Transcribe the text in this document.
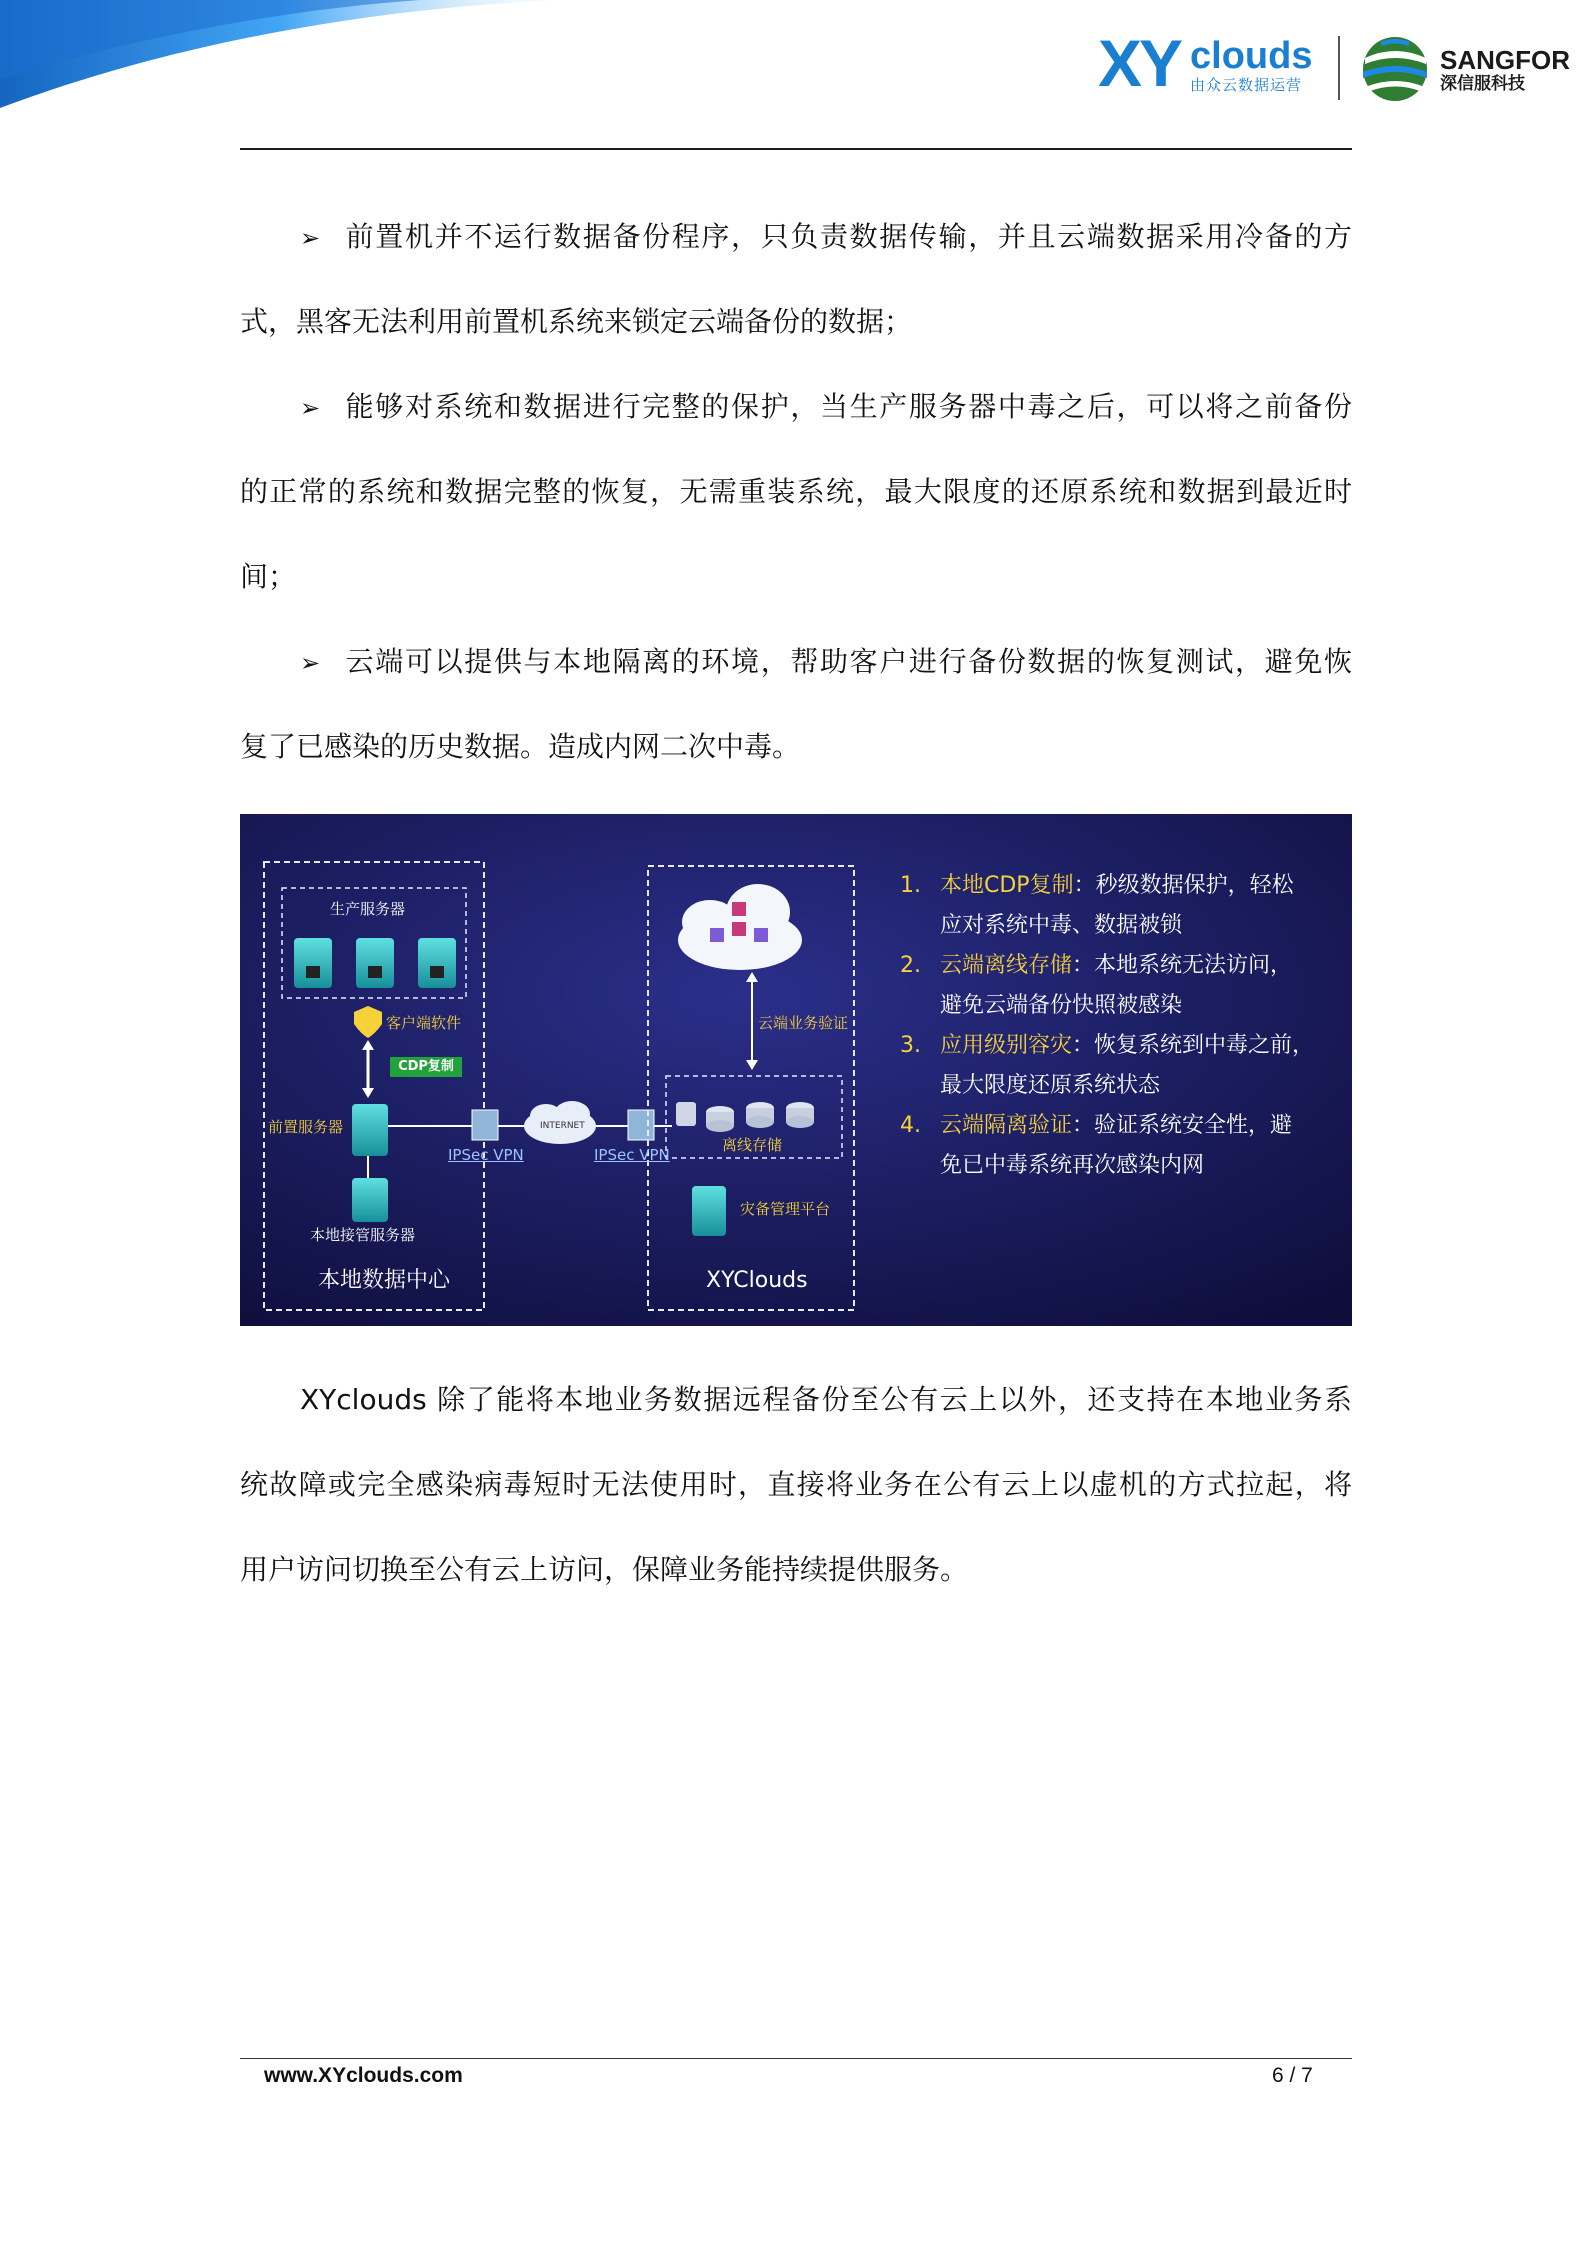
XY clouds
由众云数据运营
SANGFOR
深信服科技
➢ 前置机并不运行数据备份程序，只负责数据传输，并且云端数据采用冷备的方
式，黑客无法利用前置机系统来锁定云端备份的数据；
➢ 能够对系统和数据进行完整的保护，当生产服务器中毒之后，可以将之前备份
的正常的系统和数据完整的恢复，无需重装系统，最大限度的还原系统和数据到最近时
间；
➢ 云端可以提供与本地隔离的环境，帮助客户进行备份数据的恢复测试，避免恢
复了已感染的历史数据。造成内网二次中毒。
生产服务器
客户端软件
CDP复制
前置服务器
本地接管服务器
本地数据中心
IPSec VPN
INTERNET
IPSec VPN
离线存储
云端业务验证
灾备管理平台
XYClouds
1. 本地CDP复制：秒级数据保护，轻松
应对系统中毒、数据被锁
2. 云端离线存储：本地系统无法访问，
避免云端备份快照被感染
3. 应用级别容灾：恢复系统到中毒之前，
最大限度还原系统状态
4. 云端隔离验证：验证系统安全性，避
免已中毒系统再次感染内网
XYclouds 除了能将本地业务数据远程备份至公有云上以外，还支持在本地业务系
统故障或完全感染病毒短时无法使用时，直接将业务在公有云上以虚机的方式拉起，将
用户访问切换至公有云上访问，保障业务能持续提供服务。
www.XYclouds.com	6 / 7
